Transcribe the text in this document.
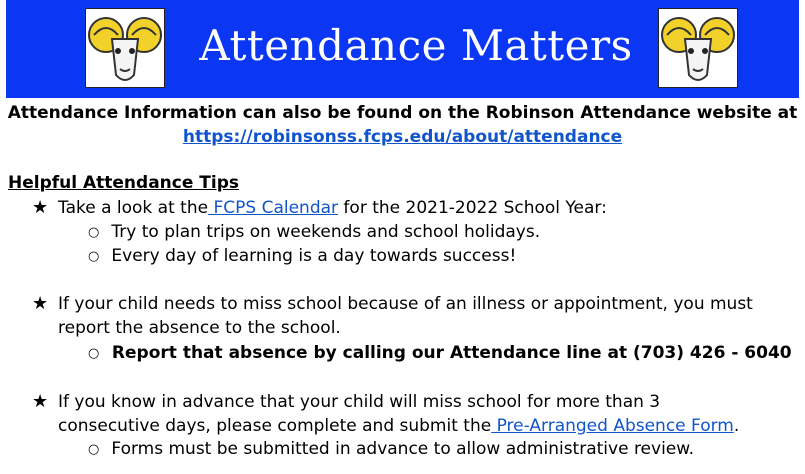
Attendance Matters
Attendance Information can also be found on the Robinson Attendance website at
https://robinsonss.fcps.edu/about/attendance
Helpful Attendance Tips
★ Take a look at the FCPS Calendar for the 2021-2022 School Year:
○ Try to plan trips on weekends and school holidays.
○ Every day of learning is a day towards success!
★ If your child needs to miss school because of an illness or appointment, you must
report the absence to the school.
○ Report that absence by calling our Attendance line at (703) 426 - 6040
★ If you know in advance that your child will miss school for more than 3
consecutive days, please complete and submit the Pre-Arranged Absence Form.
○ Forms must be submitted in advance to allow administrative review.
